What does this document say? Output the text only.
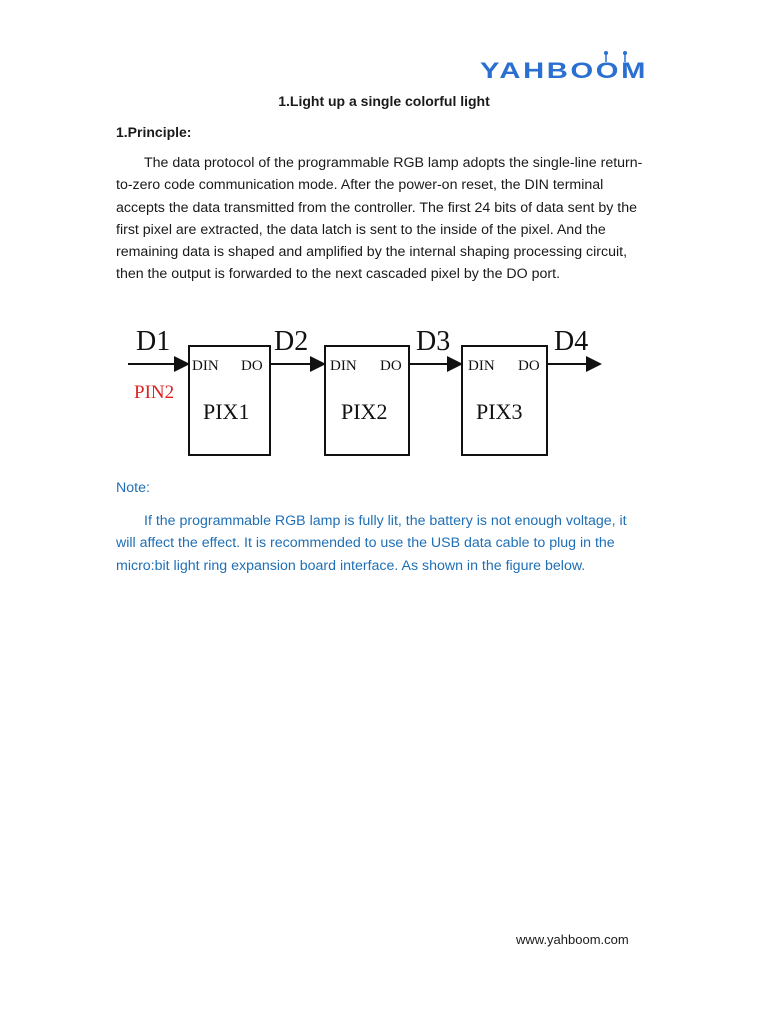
YAHBOOM
1.Light up a single colorful light
1.Principle:

The data protocol of the programmable RGB lamp adopts the single-line return-to-zero code communication mode. After the power-on reset, the DIN terminal accepts the data transmitted from the controller. The first 24 bits of data sent by the first pixel are extracted, the data latch is sent to the inside of the pixel. And the remaining data is shaped and amplified by the internal shaping processing circuit, then the output is forwarded to the next cascaded pixel by the DO port.

D1	D2	D3	D4
PIN2
DIN DO
PIX1
DIN DO
PIX2
DIN DO
PIX3

Note:

If the programmable RGB lamp is fully lit, the battery is not enough voltage, it will affect the effect. It is recommended to use the USB data cable to plug in the micro:bit light ring expansion board interface. As shown in the figure below.

www.yahboom.com
